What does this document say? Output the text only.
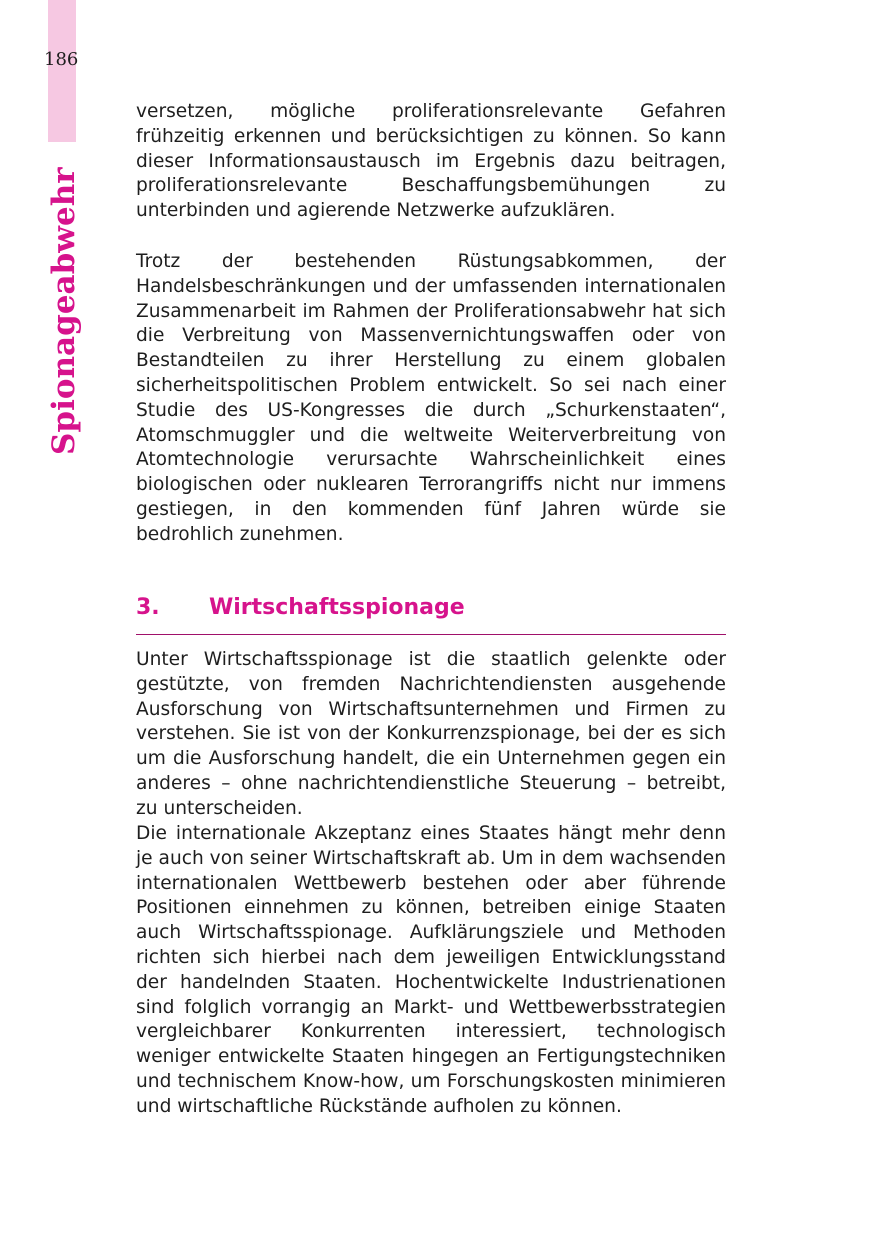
186
Spionageabwehr

versetzen, mögliche proliferationsrelevante Gefahren frühzeitig erkennen und berücksichtigen zu können. So kann dieser Informationsaustausch im Ergebnis dazu beitragen, proliferationsrelevante Beschaffungsbemühungen zu unterbinden und agierende Netzwerke aufzuklären.

Trotz der bestehenden Rüstungsabkommen, der Handelsbeschränkungen und der umfassenden internationalen Zusammenarbeit im Rahmen der Proliferationsabwehr hat sich die Verbreitung von Massenvernichtungswaffen oder von Bestandteilen zu ihrer Herstellung zu einem globalen sicherheitspolitischen Problem entwickelt. So sei nach einer Studie des US-Kongresses die durch „Schurkenstaaten“, Atomschmuggler und die weltweite Weiterverbreitung von Atomtechnologie verursachte Wahrscheinlichkeit eines biologischen oder nuklearen Terrorangriffs nicht nur immens gestiegen, in den kommenden fünf Jahren würde sie bedrohlich zunehmen.

3. Wirtschaftsspionage

Unter Wirtschaftsspionage ist die staatlich gelenkte oder gestützte, von fremden Nachrichtendiensten ausgehende Ausforschung von Wirtschaftsunternehmen und Firmen zu verstehen. Sie ist von der Konkurrenzspionage, bei der es sich um die Ausforschung handelt, die ein Unternehmen gegen ein anderes – ohne nachrichtendienstliche Steuerung – betreibt, zu unterscheiden.

Die internationale Akzeptanz eines Staates hängt mehr denn je auch von seiner Wirtschaftskraft ab. Um in dem wachsenden internationalen Wettbewerb bestehen oder aber führende Positionen einnehmen zu können, betreiben einige Staaten auch Wirtschaftsspionage. Aufklärungsziele und Methoden richten sich hierbei nach dem jeweiligen Entwicklungsstand der handelnden Staaten. Hochentwickelte Industrienationen sind folglich vorrangig an Markt- und Wettbewerbsstrategien vergleichbarer Konkurrenten interessiert, technologisch weniger entwickelte Staaten hingegen an Fertigungstechniken und technischem Know-how, um Forschungskosten minimieren und wirtschaftliche Rückstände aufholen zu können.
